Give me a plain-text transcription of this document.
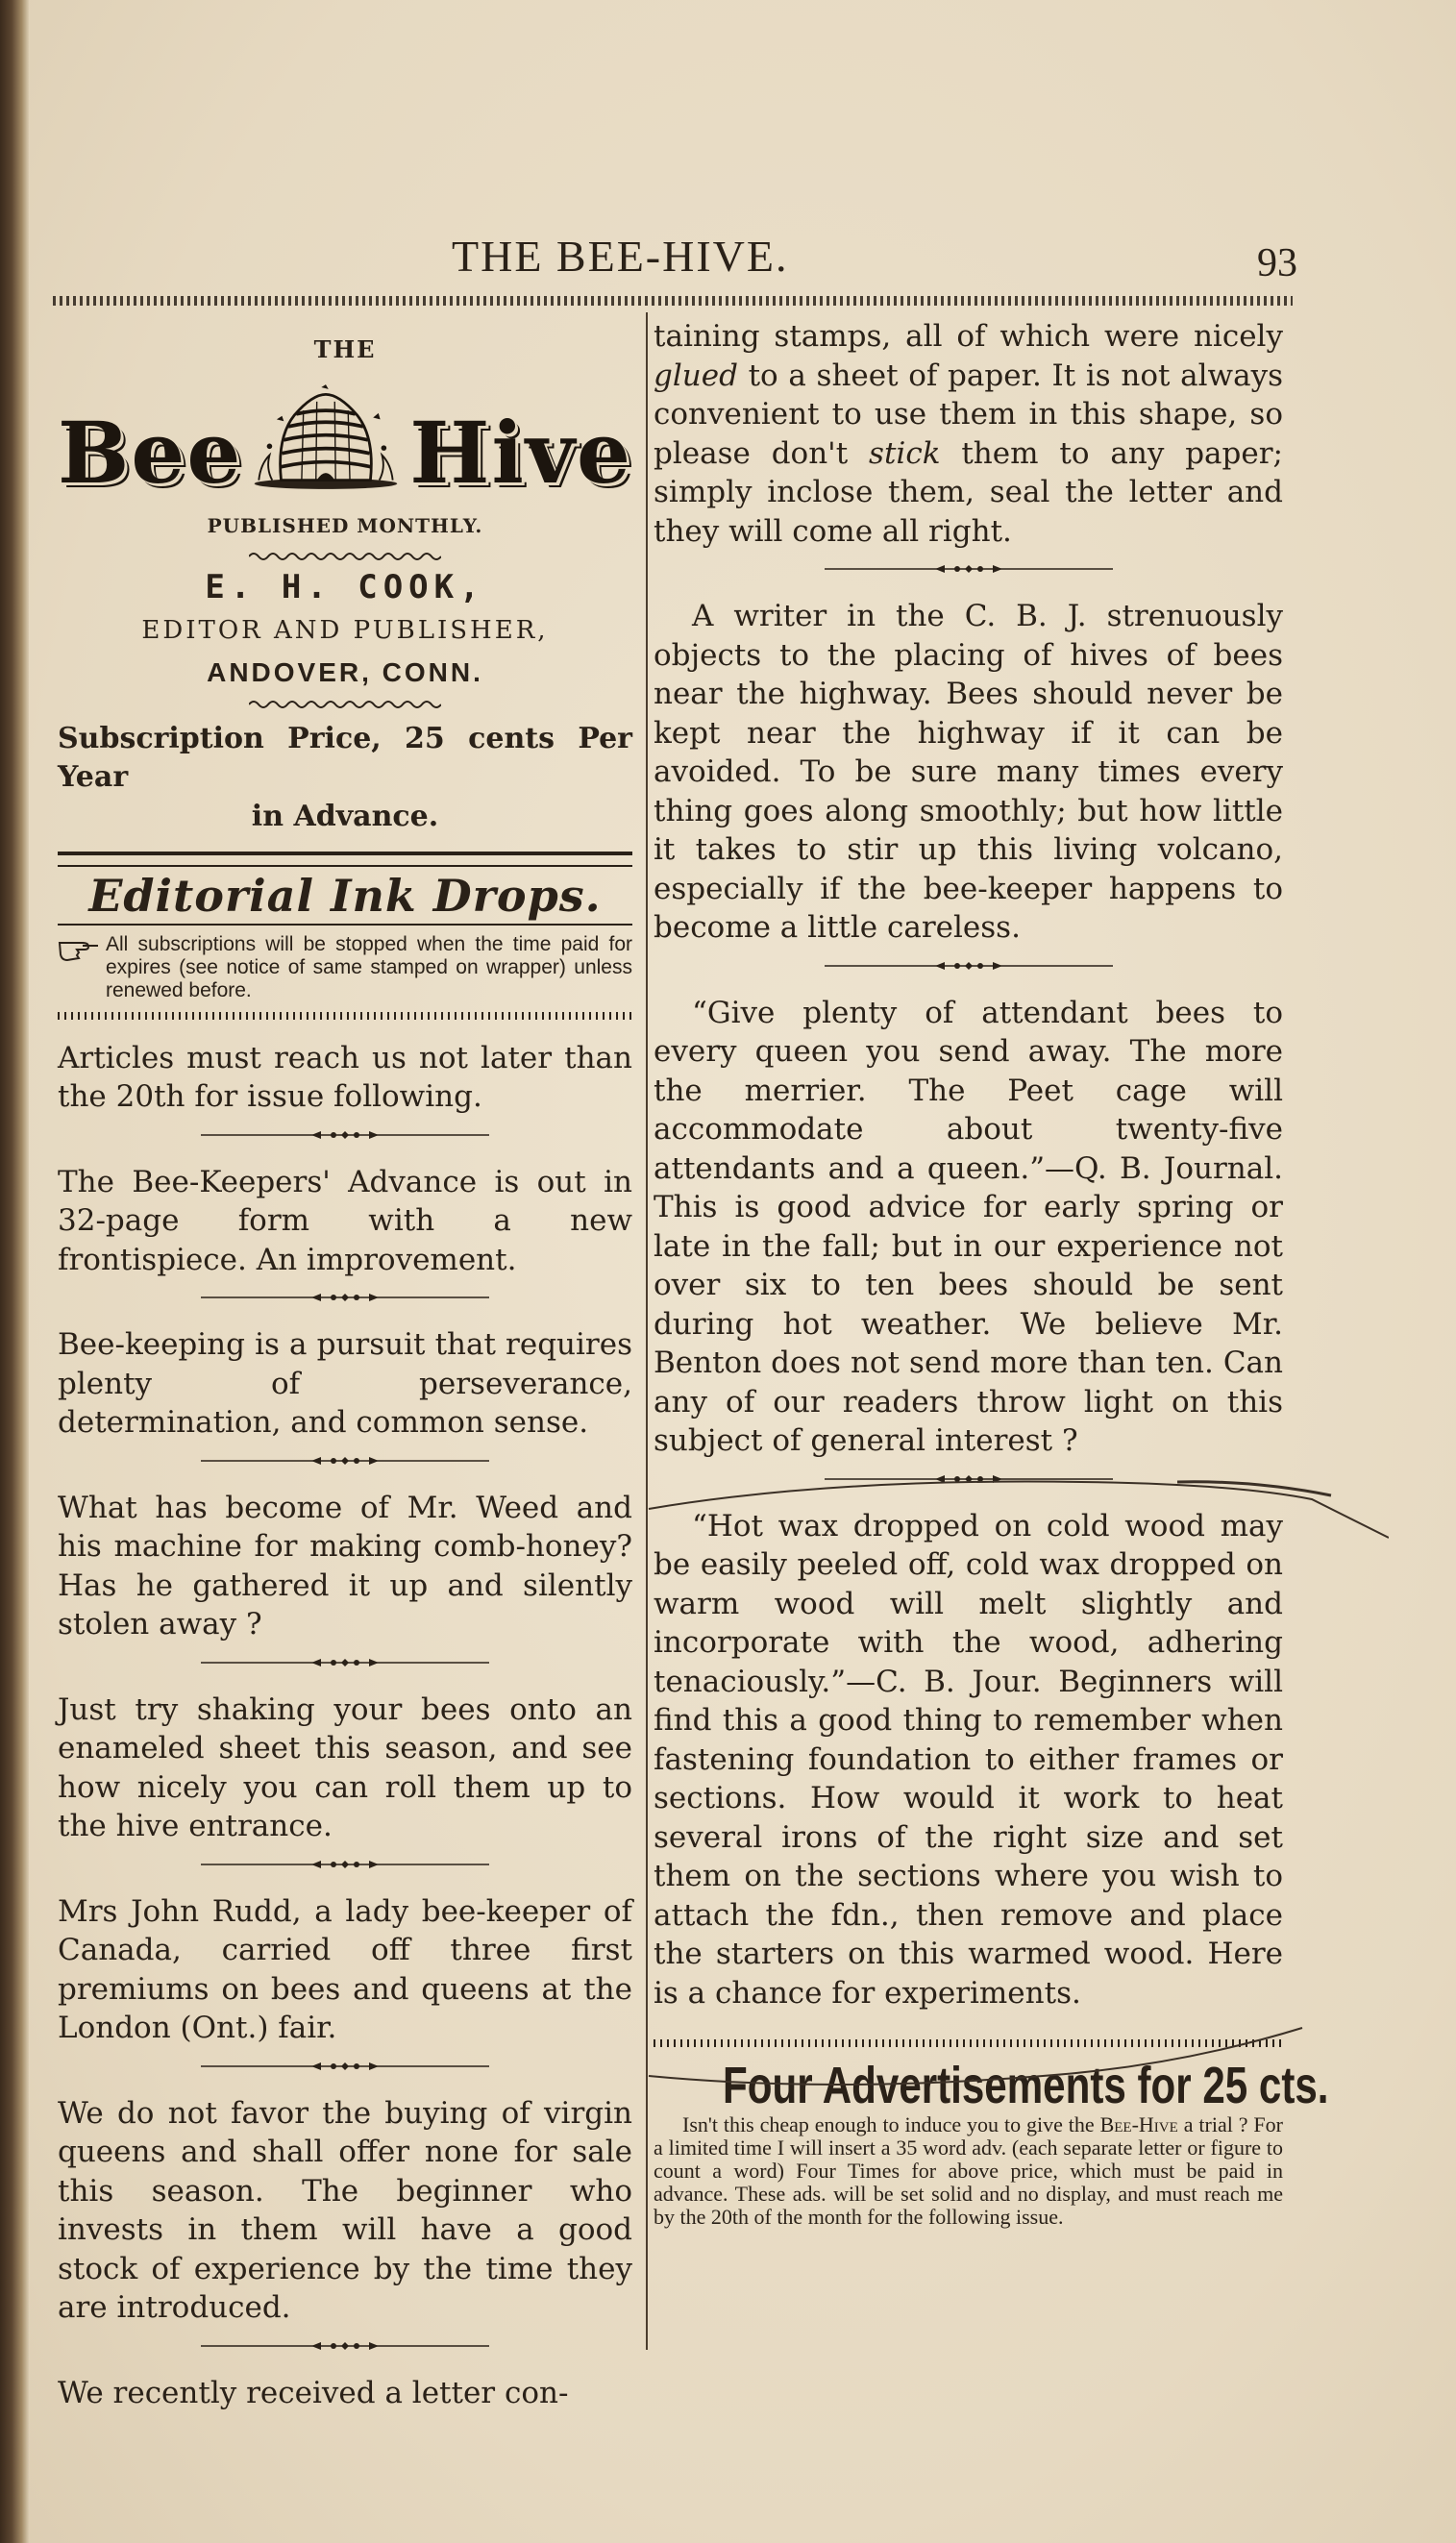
THE BEE-HIVE.	93
THE
Bee Hive
PUBLISHED MONTHLY.
E. H. COOK,
EDITOR AND PUBLISHER,
ANDOVER, CONN.
Subscription Price, 25 cents Per Year
in Advance.
Editorial Ink Drops.
All subscriptions will be stopped when the time paid for expires (see notice of same stamped on wrapper) unless renewed before.

Articles must reach us not later than the 20th for issue following.

The Bee-Keepers' Advance is out in 32-page form with a new frontispiece. An improvement.

Bee-keeping is a pursuit that requires plenty of perseverance, determination, and common sense.

What has become of Mr. Weed and his machine for making comb-honey? Has he gathered it up and silently stolen away ?

Just try shaking your bees onto an enameled sheet this season, and see how nicely you can roll them up to the hive entrance.

Mrs John Rudd, a lady bee-keeper of Canada, carried off three first premiums on bees and queens at the London (Ont.) fair.

We do not favor the buying of virgin queens and shall offer none for sale this season. The beginner who invests in them will have a good stock of experience by the time they are introduced.

We recently received a letter con-

taining stamps, all of which were nicely glued to a sheet of paper. It is not always convenient to use them in this shape, so please don't stick them to any paper; simply inclose them, seal the letter and they will come all right.

A writer in the C. B. J. strenuously objects to the placing of hives of bees near the highway. Bees should never be kept near the highway if it can be avoided. To be sure many times every thing goes along smoothly; but how little it takes to stir up this living volcano, especially if the bee-keeper happens to become a little careless.

“Give plenty of attendant bees to every queen you send away. The more the merrier. The Peet cage will accommodate about twenty-five attendants and a queen.”—Q. B. Journal. This is good advice for early spring or late in the fall; but in our experience not over six to ten bees should be sent during hot weather. We believe Mr. Benton does not send more than ten. Can any of our readers throw light on this subject of general interest ?

“Hot wax dropped on cold wood may be easily peeled off, cold wax dropped on warm wood will melt slightly and incorporate with the wood, adhering tenaciously.”—C. B. Jour. Beginners will find this a good thing to remember when fastening foundation to either frames or sections. How would it work to heat several irons of the right size and set them on the sections where you wish to attach the fdn., then remove and place the starters on this warmed wood. Here is a chance for experiments.

Four Advertisements for 25 cts.
Isn't this cheap enough to induce you to give the Bee-Hive a trial ? For a limited time I will insert a 35 word adv. (each separate letter or figure to count a word) Four Times for above price, which must be paid in advance. These ads. will be set solid and no display, and must reach me by the 20th of the month for the following issue.
